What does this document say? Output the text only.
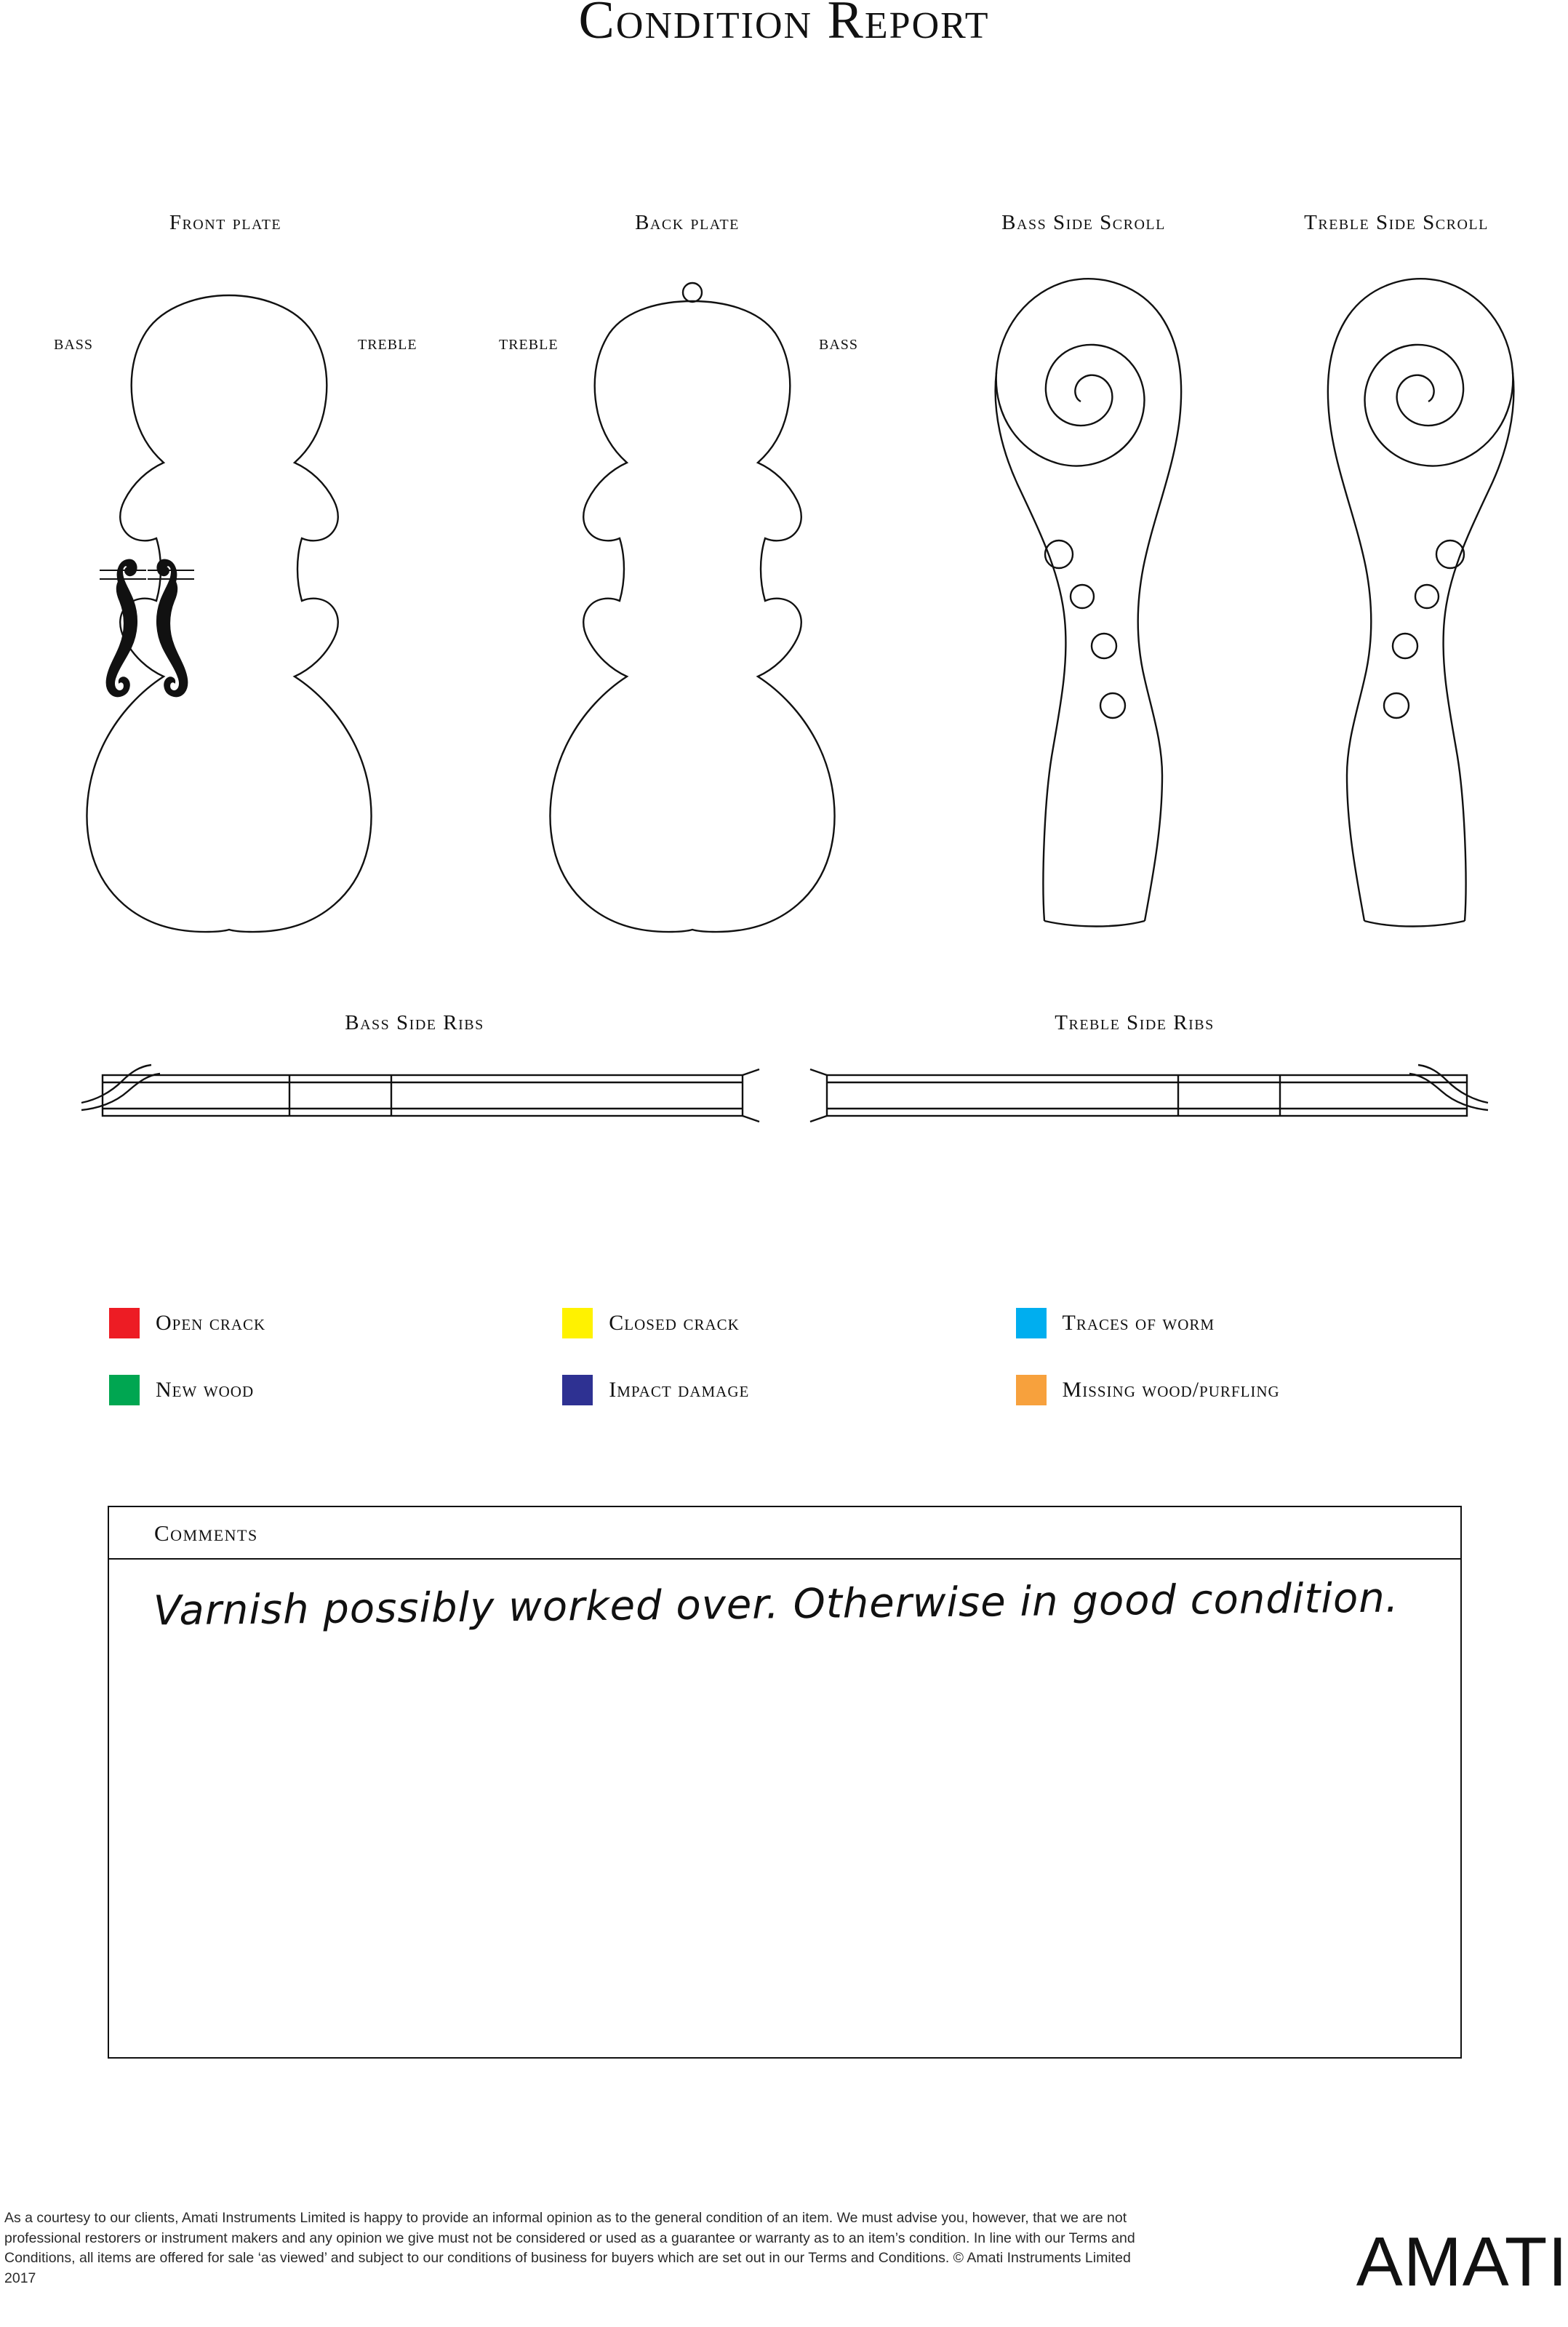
Condition Report
Front plate	Back plate	Bass Side Scroll	Treble Side Scroll
BASS	TREBLE	TREBLE	BASS
Bass Side Ribs	Treble Side Ribs
Open crack	Closed crack	Traces of worm
New wood	Impact damage	Missing wood/purfling
Comments
Varnish possibly worked over. Otherwise in good condition.
As a courtesy to our clients, Amati Instruments Limited is happy to provide an informal opinion as to the general condition of an item. We must advise you, however, that we are not professional restorers or instrument makers and any opinion we give must not be considered or used as a guarantee or warranty as to an item’s condition. In line with our Terms and Conditions, all items are offered for sale ‘as viewed’ and subject to our conditions of business for buyers which are set out in our Terms and Conditions. © Amati Instruments Limited 2017	AMATI
